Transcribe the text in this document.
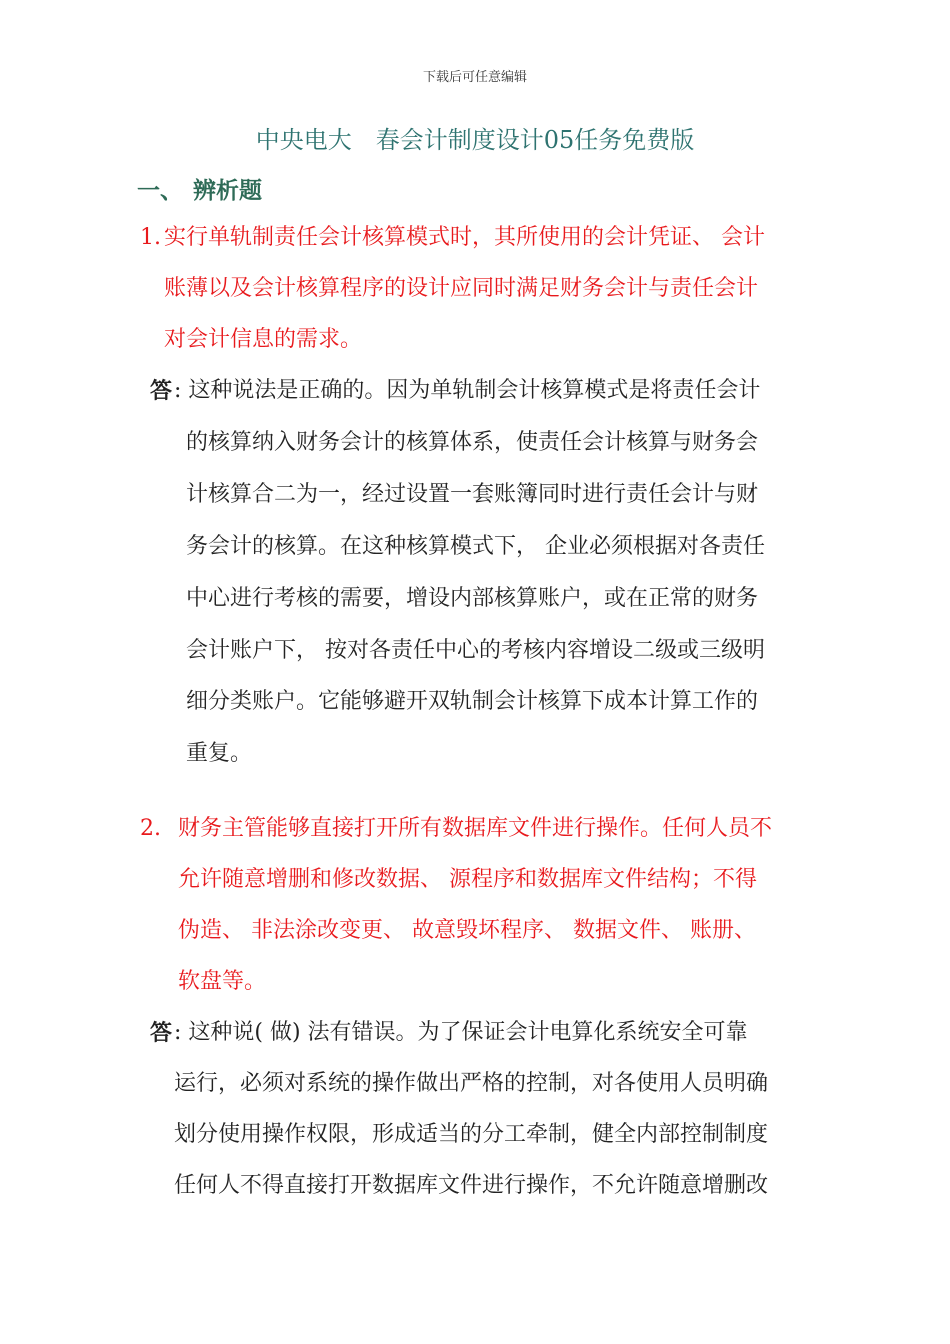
下载后可任意编辑
中央电大　春会计制度设计05任务免费版
一、 辨析题
1. 实行单轨制责任会计核算模式时，其所使用的会计凭证、 会计
账薄以及会计核算程序的设计应同时满足财务会计与责任会计
对会计信息的需求。
答 : 这种说法是正确的。因为单轨制会计核算模式是将责任会计
的核算纳入财务会计的核算体系，使责任会计核算与财务会
计核算合二为一，经过设置一套账簿同时进行责任会计与财
务会计的核算。在这种核算模式下， 企业必须根据对各责任
中心进行考核的需要，增设内部核算账户，或在正常的财务
会计账户下， 按对各责任中心的考核内容增设二级或三级明
细分类账户。它能够避开双轨制会计核算下成本计算工作的
重复。
2. 财务主管能够直接打开所有数据库文件进行操作。任何人员不
允许随意增删和修改数据、 源程序和数据库文件结构；不得
伪造、 非法涂改变更、 故意毁坏程序、 数据文件、 账册、
软盘等。
答 : 这种说( 做) 法有错误。为了保证会计电算化系统安全可靠
运行，必须对系统的操作做出严格的控制，对各使用人员明确
划分使用操作权限，形成适当的分工牵制，健全内部控制制度
任何人不得直接打开数据库文件进行操作，不允许随意增删改
